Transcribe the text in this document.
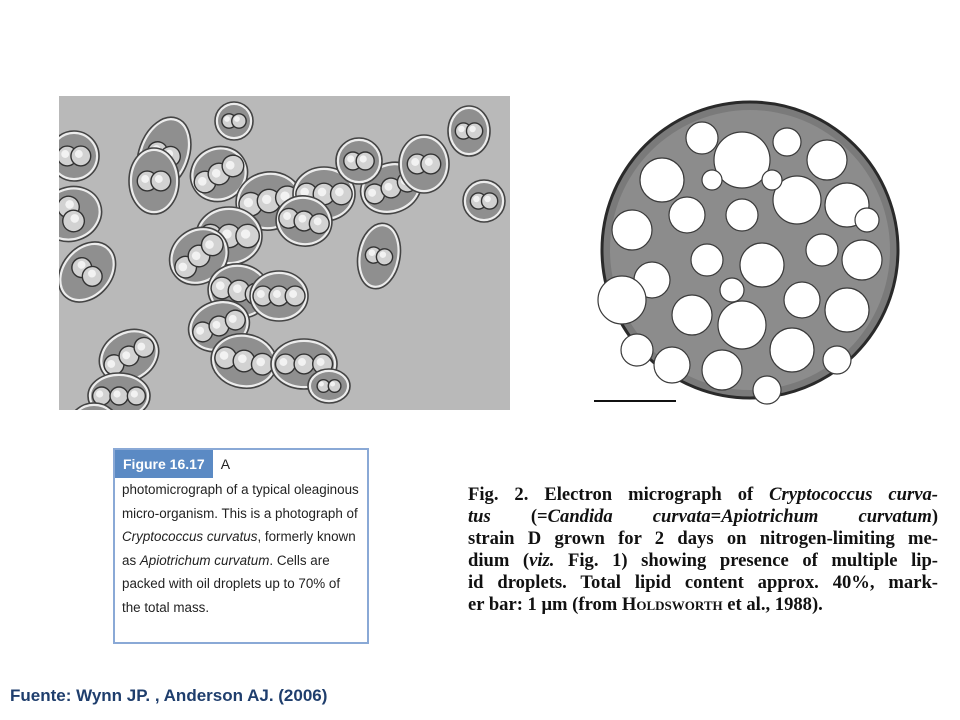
Figure 16.17	A
photomicrograph of a typical oleaginous micro-organism. This is a photograph of Cryptococcus curvatus, formerly known as Apiotrichum curvatum. Cells are packed with oil droplets up to 70% of the total mass.
Fig. 2. Electron micrograph of Cryptococcus curva-
tus (=Candida curvata=Apiotrichum curvatum)
strain D grown for 2 days on nitrogen-limiting me-
dium (viz. Fig. 1) showing presence of multiple lip-
id droplets. Total lipid content approx. 40%, mark-
er bar: 1 μm (from Holdsworth et al., 1988).
Fuente: Wynn JP. , Anderson AJ. (2006)
